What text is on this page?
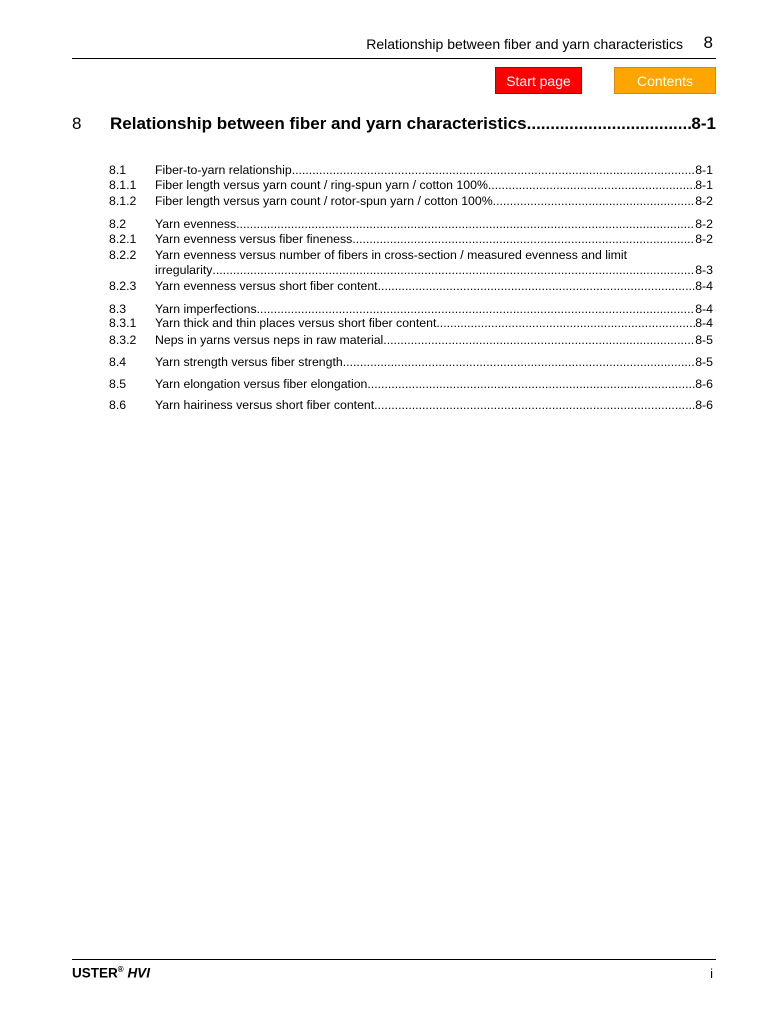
Relationship between fiber and yarn characteristics 8
Start page	Contents
8	Relationship between fiber and yarn characteristics .....	8-1
8.1 Fiber-to-yarn relationship .....	8-1
8.1.1 Fiber length versus yarn count / ring-spun yarn / cotton 100% .....	8-1
8.1.2 Fiber length versus yarn count / rotor-spun yarn / cotton 100% .....	8-2
8.2 Yarn evenness .....	8-2
8.2.1 Yarn evenness versus fiber fineness .....	8-2
8.2.2 Yarn evenness versus number of fibers in cross-section / measured evenness and limit
irregularity .....	8-3
8.2.3 Yarn evenness versus short fiber content .....	8-4
8.3 Yarn imperfections .....	8-4
8.3.1 Yarn thick and thin places versus short fiber content .....	8-4
8.3.2 Neps in yarns versus neps in raw material .....	8-5
8.4 Yarn strength versus fiber strength .....	8-5
8.5 Yarn elongation versus fiber elongation .....	8-6
8.6 Yarn hairiness versus short fiber content .....	8-6
USTER® HVI	i
